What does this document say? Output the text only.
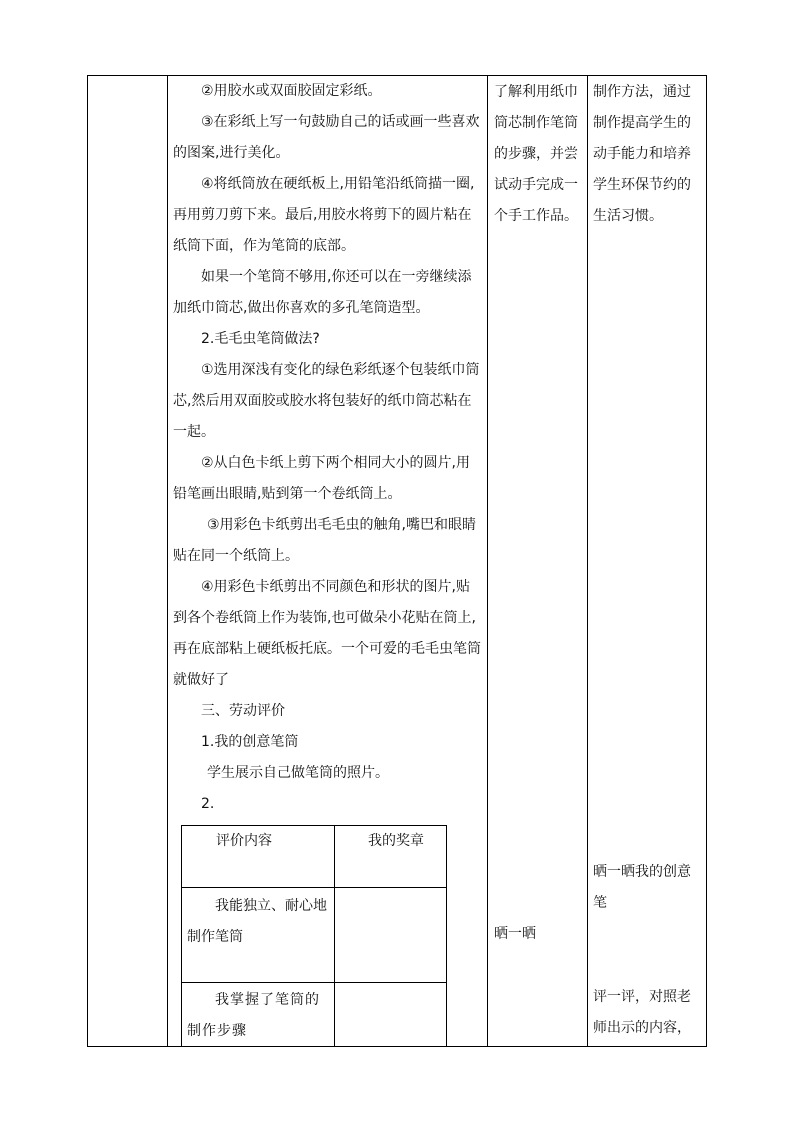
②用胶水或双面胶固定彩纸。

③在彩纸上写一句鼓励自己的话或画一些喜欢的图案,进行美化。

④将纸筒放在硬纸板上,用铅笔沿纸筒描一圈,再用剪刀剪下来。最后,用胶水将剪下的圆片粘在纸筒下面，作为笔筒的底部。

如果一个笔筒不够用,你还可以在一旁继续添加纸巾筒芯,做出你喜欢的多孔笔筒造型。

2.毛毛虫笔筒做法?

①选用深浅有变化的绿色彩纸逐个包装纸巾筒芯,然后用双面胶或胶水将包装好的纸巾筒芯粘在一起。

②从白色卡纸上剪下两个相同大小的圆片,用铅笔画出眼睛,贴到第一个卷纸筒上。

③用彩色卡纸剪出毛毛虫的触角,嘴巴和眼睛贴在同一个纸筒上。

④用彩色卡纸剪出不同颜色和形状的图片,贴到各个卷纸筒上作为装饰,也可做朵小花贴在筒上,再在底部粘上硬纸板托底。一个可爱的毛毛虫笔筒就做好了

三、劳动评价

1.我的创意笔筒

学生展示自己做笔筒的照片。

2.

评价内容	我的奖章
我能独立、耐心地制作笔筒
我掌握了笔筒的制作步骤
了解利用纸巾筒芯制作笔筒的步骤，并尝试动手完成一个手工作品。
晒一晒
制作方法，通过制作提高学生的动手能力和培养学生环保节约的生活习惯。
晒一晒我的创意笔
评一评，对照老师出示的内容，
